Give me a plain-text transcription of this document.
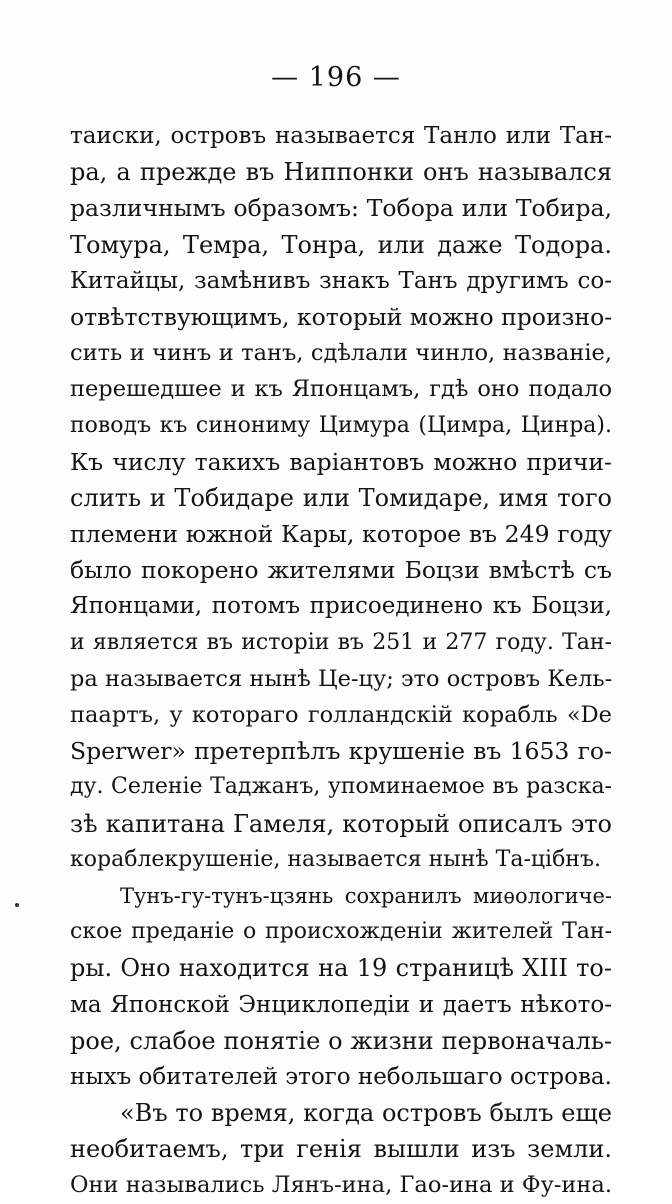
— 196 —
таиски, островъ называется Танло или Тан-
ра, а прежде въ Ниппонки онъ назывался
различнымъ образомъ: Тобора или Тобира,
Томура, Темра, Тонра, или даже Тодора.
Китайцы, замѣнивъ знакъ Танъ другимъ со-
отвѣтствующимъ, который можно произно-
сить и чинъ и танъ, сдѣлали чинло, названіе,
перешедшее и къ Японцамъ, гдѣ оно подало
поводъ къ синониму Цимура (Цимра, Цинра).
Къ числу такихъ варіантовъ можно причи-
слить и Тобидаре или Томидаре, имя того
племени южной Кары, которое въ 249 году
было покорено жителями Боцзи вмѣстѣ съ
Японцами, потомъ присоединено къ Боцзи,
и является въ исторіи въ 251 и 277 году. Тан-
ра называется нынѣ Це-цу; это островъ Кель-
паартъ, у котораго голландскій корабль «De
Sperwer» претерпѣлъ крушеніе въ 1653 го-
ду. Селеніе Таджанъ, упоминаемое въ разска-
зѣ капитана Гамеля, который описалъ это
кораблекрушеніе, называется нынѣ Та-цібнъ.
Тунъ-гу-тунъ-цзянь сохранилъ миѳологиче-
ское преданіе о происхожденіи жителей Тан-
ры. Оно находится на 19 страницѣ XIII то-
ма Японской Энциклопедіи и даетъ нѣкото-
рое, слабое понятіе о жизни первоначаль-
ныхъ обитателей этого небольшаго острова.
«Въ то время, когда островъ былъ еще
необитаемъ, три генія вышли изъ земли.
Они назывались Лянъ-ина, Гао-ина и Фу-ина.
